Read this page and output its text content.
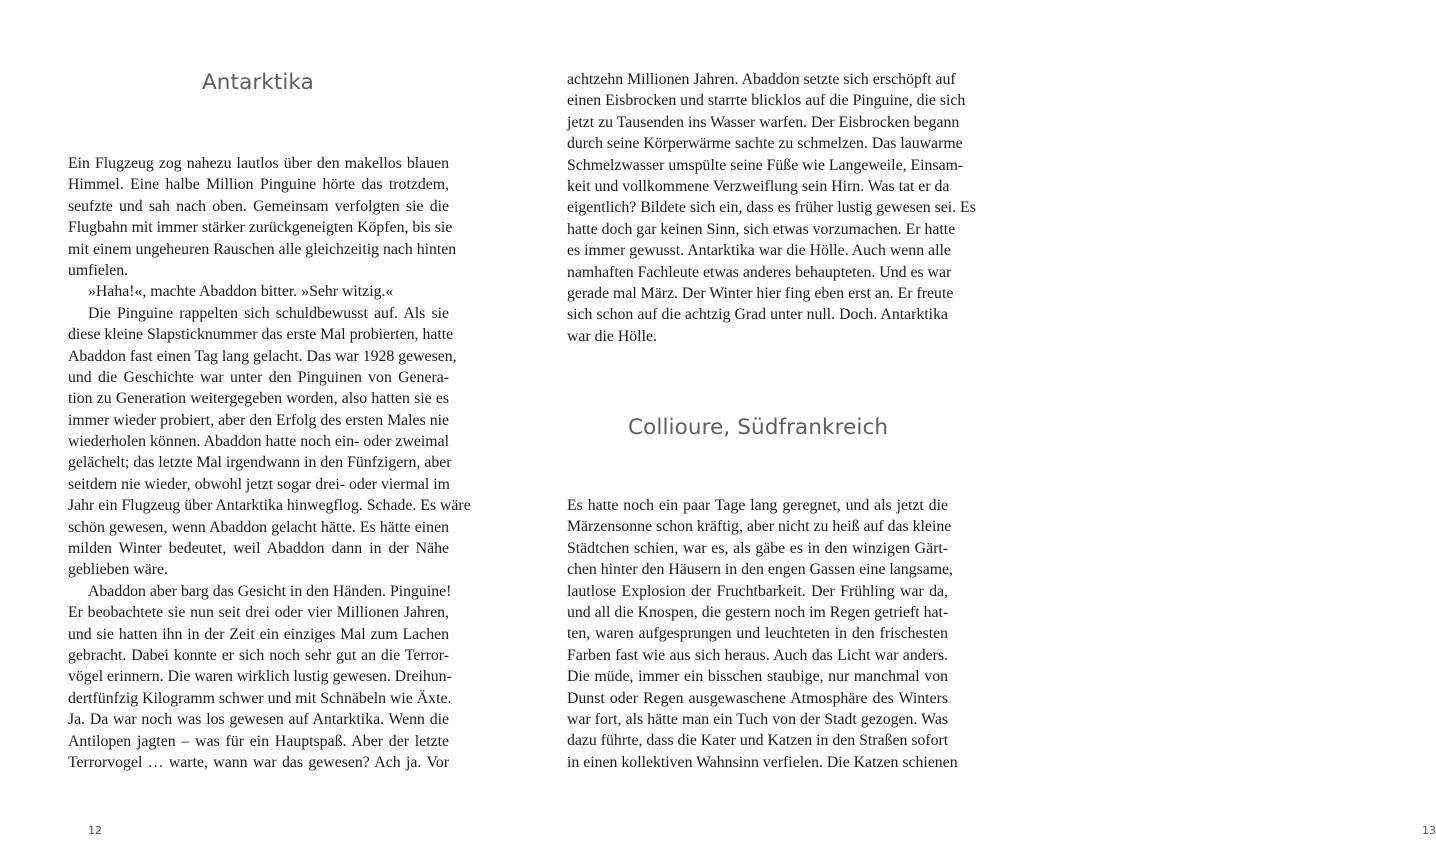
Antarktika

Ein Flugzeug zog nahezu lautlos über den makellos blauen

Himmel. Eine halbe Million Pinguine hörte das trotzdem,

seufzte und sah nach oben. Gemeinsam verfolgten sie die

Flugbahn mit immer stärker zurückgeneigten Köpfen, bis sie

mit einem ungeheuren Rauschen alle gleichzeitig nach hinten

umfielen.

»Haha!«, machte Abaddon bitter. »Sehr witzig.«

Die Pinguine rappelten sich schuldbewusst auf. Als sie

diese kleine Slapsticknummer das erste Mal probierten, hatte

Abaddon fast einen Tag lang gelacht. Das war 1928 gewesen,

und die Geschichte war unter den Pinguinen von Genera-

tion zu Generation weitergegeben worden, also hatten sie es

immer wieder probiert, aber den Erfolg des ersten Males nie

wiederholen können. Abaddon hatte noch ein- oder zweimal

gelächelt; das letzte Mal irgendwann in den Fünfzigern, aber

seitdem nie wieder, obwohl jetzt sogar drei- oder viermal im

Jahr ein Flugzeug über Antarktika hinwegflog. Schade. Es wäre

schön gewesen, wenn Abaddon gelacht hätte. Es hätte einen

milden Winter bedeutet, weil Abaddon dann in der Nähe

geblieben wäre.

Abaddon aber barg das Gesicht in den Händen. Pinguine!

Er beobachtete sie nun seit drei oder vier Millionen Jahren,

und sie hatten ihn in der Zeit ein einziges Mal zum Lachen

gebracht. Dabei konnte er sich noch sehr gut an die Terror-

vögel erinnern. Die waren wirklich lustig gewesen. Dreihun-

dertfünfzig Kilogramm schwer und mit Schnäbeln wie Äxte.

Ja. Da war noch was los gewesen auf Antarktika. Wenn die

Antilopen jagten – was für ein Hauptspaß. Aber der letzte

Terrorvogel … warte, wann war das gewesen? Ach ja. Vor

12

achtzehn Millionen Jahren. Abaddon setzte sich erschöpft auf

einen Eisbrocken und starrte blicklos auf die Pinguine, die sich

jetzt zu Tausenden ins Wasser warfen. Der Eisbrocken begann

durch seine Körperwärme sachte zu schmelzen. Das lauwarme

Schmelzwasser umspülte seine Füße wie Langeweile, Einsam-

keit und vollkommene Verzweiflung sein Hirn. Was tat er da

eigentlich? Bildete sich ein, dass es früher lustig gewesen sei. Es

hatte doch gar keinen Sinn, sich etwas vorzumachen. Er hatte

es immer gewusst. Antarktika war die Hölle. Auch wenn alle

namhaften Fachleute etwas anderes behaupteten. Und es war

gerade mal März. Der Winter hier fing eben erst an. Er freute

sich schon auf die achtzig Grad unter null. Doch. Antarktika

war die Hölle.

Collioure, Südfrankreich

Es hatte noch ein paar Tage lang geregnet, und als jetzt die

Märzensonne schon kräftig, aber nicht zu heiß auf das kleine

Städtchen schien, war es, als gäbe es in den winzigen Gärt-

chen hinter den Häusern in den engen Gassen eine langsame,

lautlose Explosion der Fruchtbarkeit. Der Frühling war da,

und all die Knospen, die gestern noch im Regen getrieft hat-

ten, waren aufgesprungen und leuchteten in den frischesten

Farben fast wie aus sich heraus. Auch das Licht war anders.

Die müde, immer ein bisschen staubige, nur manchmal von

Dunst oder Regen ausgewaschene Atmosphäre des Winters

war fort, als hätte man ein Tuch von der Stadt gezogen. Was

dazu führte, dass die Kater und Katzen in den Straßen sofort

in einen kollektiven Wahnsinn verfielen. Die Katzen schienen

13
